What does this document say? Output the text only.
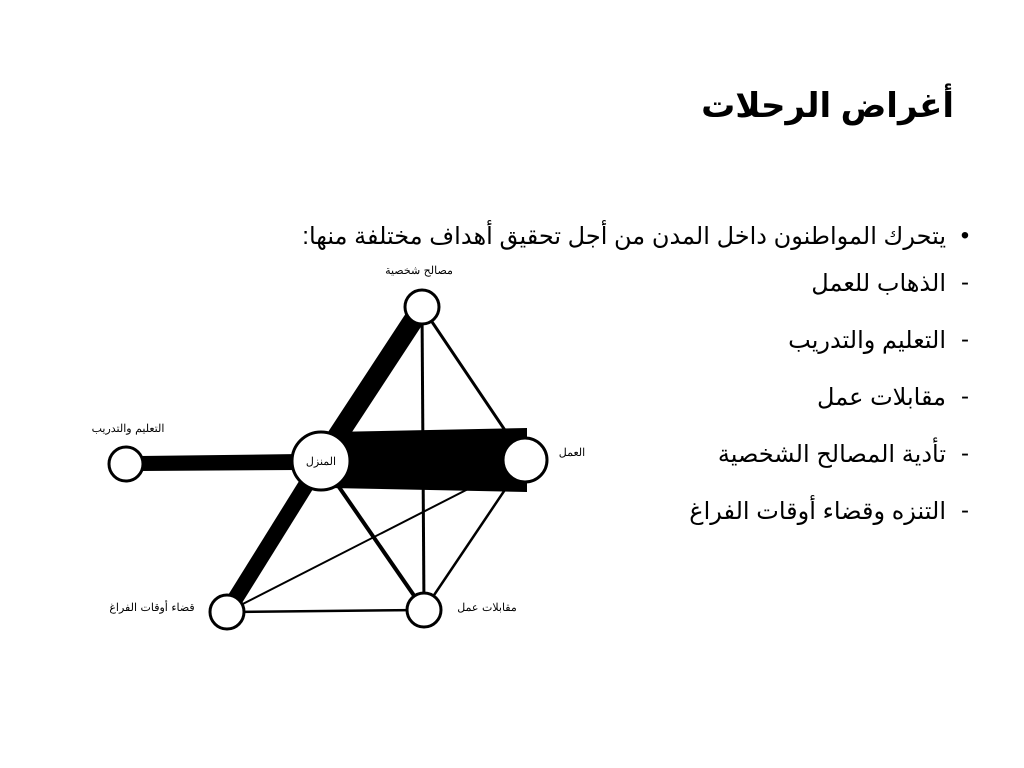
أغراض الرحلات
•
يتحرك المواطنون داخل المدن من أجل تحقيق أهداف مختلفة منها:
-
الذهاب للعمل
-
التعليم والتدريب
-
مقابلات عمل
-
تأدية المصالح الشخصية
-
التنزه وقضاء أوقات الفراغ
مصالح شخصية
المنزل
العمل
التعليم والتدريب
قضاء أوقات الفراغ	مقابلات عمل
